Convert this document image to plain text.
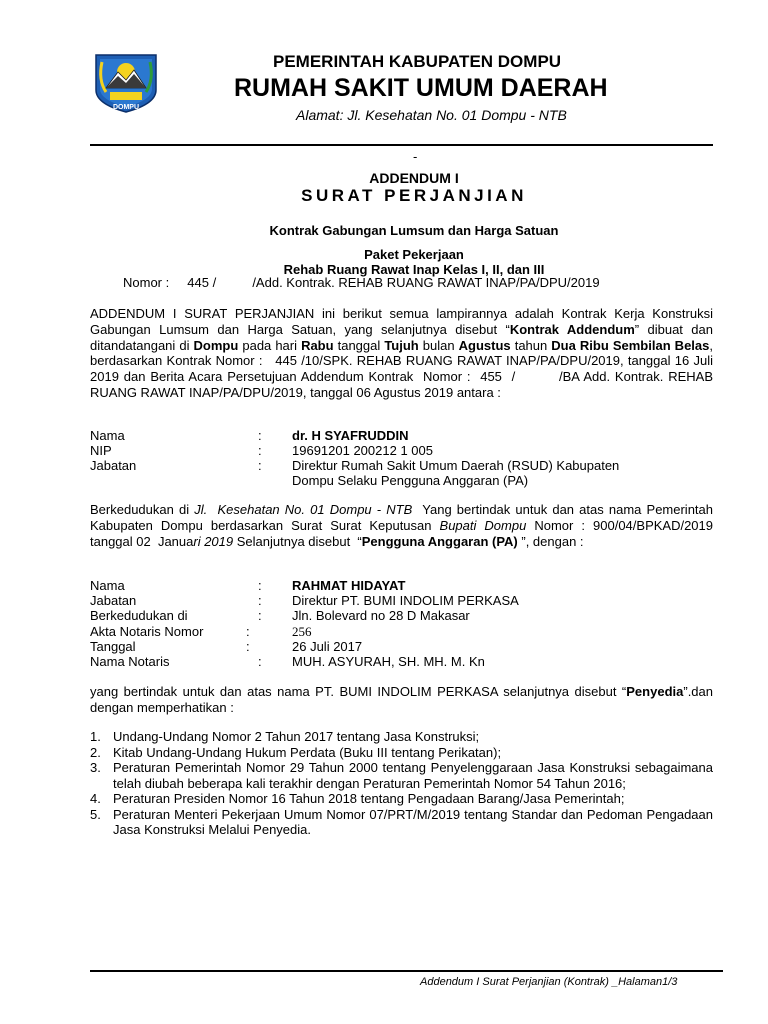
DOMPU
PEMERINTAH KABUPATEN DOMPU
RUMAH SAKIT UMUM DAERAH
Alamat: Jl. Kesehatan No. 01 Dompu - NTB
-
ADDENDUM I
SURAT PERJANJIAN
Kontrak Gabungan Lumsum dan Harga Satuan
Paket Pekerjaan
Rehab Ruang Rawat Inap Kelas I, II, dan III
Nomor :     445 /          /Add. Kontrak. REHAB RUANG RAWAT INAP/PA/DPU/2019
ADDENDUM I SURAT PERJANJIAN ini berikut semua lampirannya adalah Kontrak Kerja Konstruksi Gabungan Lumsum dan Harga Satuan, yang selanjutnya disebut “Kontrak Addendum” dibuat dan ditandatangani di Dompu pada hari Rabu tanggal Tujuh bulan Agustus tahun Dua Ribu Sembilan Belas, berdasarkan Kontrak Nomor :   445 /10/SPK. REHAB RUANG RAWAT INAP/PA/DPU/2019, tanggal 16 Juli 2019 dan Berita Acara Persetujuan Addendum Kontrak  Nomor :  455  /         /BA Add. Kontrak. REHAB RUANG RAWAT INAP/PA/DPU/2019, tanggal 06 Agustus 2019 antara :
Nama	: dr. H SYAFRUDDIN
NIP	: 19691201 200212 1 005
Jabatan	: Direktur Rumah Sakit Umum Daerah (RSUD) Kabupaten
Dompu Selaku Pengguna Anggaran (PA)
Berkedudukan di Jl.  Kesehatan No. 01 Dompu - NTB  Yang bertindak untuk dan atas nama Pemerintah Kabupaten Dompu berdasarkan Surat Surat Keputusan Bupati Dompu Nomor : 900/04/BPKAD/2019 tanggal 02  Januari 2019 Selanjutnya disebut  “Pengguna Anggaran (PA) ”, dengan :
Nama	: RAHMAT HIDAYAT
Jabatan	: Direktur PT. BUMI INDOLIM PERKASA
Berkedudukan di	: Jln. Bolevard no 28 D Makasar
Akta Notaris Nomor	:	256
Tanggal	:	26 Juli 2017
Nama Notaris	: MUH. ASYURAH, SH. MH. M. Kn
yang bertindak untuk dan atas nama PT. BUMI INDOLIM PERKASA selanjutnya disebut “Penyedia”.dan dengan memperhatikan :
1. Undang-Undang Nomor 2 Tahun 2017 tentang Jasa Konstruksi;
2. Kitab Undang-Undang Hukum Perdata (Buku III tentang Perikatan);
3. Peraturan Pemerintah Nomor 29 Tahun 2000 tentang Penyelenggaraan Jasa Konstruksi sebagaimana telah diubah beberapa kali terakhir dengan Peraturan Pemerintah Nomor 54 Tahun 2016;
4. Peraturan Presiden Nomor 16 Tahun 2018 tentang Pengadaan Barang/Jasa Pemerintah;
5. Peraturan Menteri Pekerjaan Umum Nomor 07/PRT/M/2019 tentang Standar dan Pedoman Pengadaan Jasa Konstruksi Melalui Penyedia.
Addendum I Surat Perjanjian (Kontrak) _Halaman1/3
